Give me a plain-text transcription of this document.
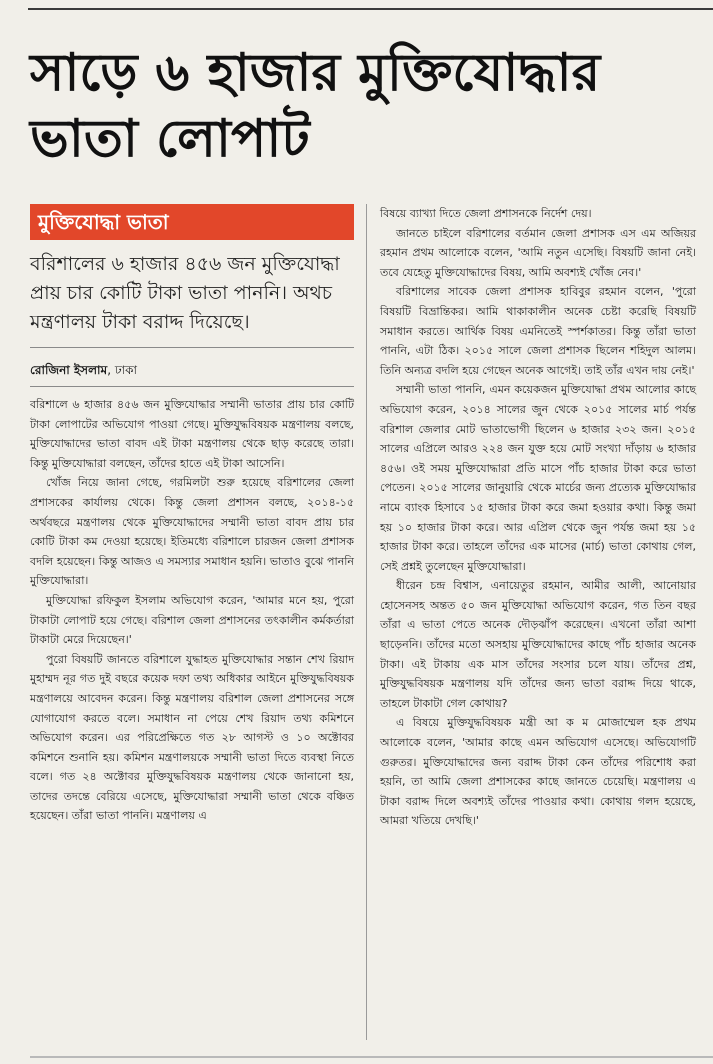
সাড়ে ৬ হাজার মুক্তিযোদ্ধার ভাতা লোপাট
মুক্তিযোদ্ধা ভাতা
বরিশালের ৬ হাজার ৪৫৬ জন মুক্তিযোদ্ধা প্রায় চার কোটি টাকা ভাতা পাননি। অথচ মন্ত্রণালয় টাকা বরাদ্দ দিয়েছে।
রোজিনা ইসলাম, ঢাকা

বরিশালে ৬ হাজার ৪৫৬ জন মুক্তিযোদ্ধার সম্মানী ভাতার প্রায় চার কোটি টাকা লোপাটের অভিযোগ পাওয়া গেছে। মুক্তিযুদ্ধবিষয়ক মন্ত্রণালয় বলছে, মুক্তিযোদ্ধাদের ভাতা বাবদ এই টাকা মন্ত্রণালয় থেকে ছাড় করেছে তারা। কিন্তু মুক্তিযোদ্ধারা বলছেন, তাঁদের হাতে এই টাকা আসেনি।

খোঁজ নিয়ে জানা গেছে, গরমিলটা শুরু হয়েছে বরিশালের জেলা প্রশাসকের কার্যালয় থেকে। কিন্তু জেলা প্রশাসন বলছে, ২০১৪-১৫ অর্থবছরে মন্ত্রণালয় থেকে মুক্তিযোদ্ধাদের সম্মানী ভাতা বাবদ প্রায় চার কোটি টাকা কম দেওয়া হয়েছে। ইতিমধ্যে বরিশালে চারজন জেলা প্রশাসক বদলি হয়েছেন। কিন্তু আজও এ সমস্যার সমাধান হয়নি। ভাতাও বুঝে পাননি মুক্তিযোদ্ধারা।

মুক্তিযোদ্ধা রফিকুল ইসলাম অভিযোগ করেন, 'আমার মনে হয়, পুরো টাকাটা লোপাট হয়ে গেছে। বরিশাল জেলা প্রশাসনের তৎকালীন কর্মকর্তারা টাকাটা মেরে দিয়েছেন।'

পুরো বিষয়টি জানতে বরিশালে যুদ্ধাহত মুক্তিযোদ্ধার সন্তান শেখ রিয়াদ মুহাম্মদ নূর গত দুই বছরে কয়েক দফা তথ্য অধিকার আইনে মুক্তিযুদ্ধবিষয়ক মন্ত্রণালয়ে আবেদন করেন। কিন্তু মন্ত্রণালয় বরিশাল জেলা প্রশাসনের সঙ্গে যোগাযোগ করতে বলে। সমাধান না পেয়ে শেখ রিয়াদ তথ্য কমিশনে অভিযোগ করেন। এর পরিপ্রেক্ষিতে গত ২৮ আগস্ট ও ১০ অক্টোবর কমিশনে শুনানি হয়। কমিশন মন্ত্রণালয়কে সম্মানী ভাতা দিতে ব্যবস্থা নিতে বলে। গত ২৪ অক্টোবর মুক্তিযুদ্ধবিষয়ক মন্ত্রণালয় থেকে জানানো হয়, তাদের তদন্তে বেরিয়ে এসেছে, মুক্তিযোদ্ধারা সম্মানী ভাতা থেকে বঞ্চিত হয়েছেন। তাঁরা ভাতা পাননি। মন্ত্রণালয় এ

বিষয়ে ব্যাখ্যা দিতে জেলা প্রশাসনকে নির্দেশ দেয়।

জানতে চাইলে বরিশালের বর্তমান জেলা প্রশাসক এস এম অজিয়র রহমান প্রথম আলোকে বলেন, 'আমি নতুন এসেছি। বিষয়টি জানা নেই। তবে যেহেতু মুক্তিযোদ্ধাদের বিষয়, আমি অবশ্যই খোঁজ নেব।'

বরিশালের সাবেক জেলা প্রশাসক হাবিবুর রহমান বলেন, 'পুরো বিষয়টি বিভ্রান্তিকর। আমি থাকাকালীন অনেক চেষ্টা করেছি বিষয়টি সমাধান করতে। আর্থিক বিষয় এমনিতেই স্পর্শকাতর। কিন্তু তাঁরা ভাতা পাননি, এটা ঠিক। ২০১৫ সালে জেলা প্রশাসক ছিলেন শহিদুল আলম। তিনি অন্যত্র বদলি হয়ে গেছেন অনেক আগেই। তাই তাঁর এখন দায় নেই।'

সম্মানী ভাতা পাননি, এমন কয়েকজন মুক্তিযোদ্ধা প্রথম আলোর কাছে অভিযোগ করেন, ২০১৪ সালের জুন থেকে ২০১৫ সালের মার্চ পর্যন্ত বরিশাল জেলার মোট ভাতাভোগী ছিলেন ৬ হাজার ২৩২ জন। ২০১৫ সালের এপ্রিলে আরও ২২৪ জন যুক্ত হয়ে মোট সংখ্যা দাঁড়ায় ৬ হাজার ৪৫৬। ওই সময় মুক্তিযোদ্ধারা প্রতি মাসে পাঁচ হাজার টাকা করে ভাতা পেতেন। ২০১৫ সালের জানুয়ারি থেকে মার্চের জন্য প্রত্যেক মুক্তিযোদ্ধার নামে ব্যাংক হিসাবে ১৫ হাজার টাকা করে জমা হওয়ার কথা। কিন্তু জমা হয় ১০ হাজার টাকা করে। আর এপ্রিল থেকে জুন পর্যন্ত জমা হয় ১৫ হাজার টাকা করে। তাহলে তাঁদের এক মাসের (মার্চ) ভাতা কোথায় গেল, সেই প্রশ্নই তুলেছেন মুক্তিযোদ্ধারা।

ধীরেন চন্দ্র বিশ্বাস, এনায়েতুর রহমান, আমীর আলী, আনোয়ার হোসেনসহ অন্তত ৫০ জন মুক্তিযোদ্ধা অভিযোগ করেন, গত তিন বছর তাঁরা এ ভাতা পেতে অনেক দৌড়ঝাঁপ করেছেন। এখনো তাঁরা আশা ছাড়েননি। তাঁদের মতো অসহায় মুক্তিযোদ্ধাদের কাছে পাঁচ হাজার অনেক টাকা। এই টাকায় এক মাস তাঁদের সংসার চলে যায়। তাঁদের প্রশ্ন, মুক্তিযুদ্ধবিষয়ক মন্ত্রণালয় যদি তাঁদের জন্য ভাতা বরাদ্দ দিয়ে থাকে, তাহলে টাকাটা গেল কোথায়?

এ বিষয়ে মুক্তিযুদ্ধবিষয়ক মন্ত্রী আ ক ম মোজাম্মেল হক প্রথম আলোকে বলেন, 'আমার কাছে এমন অভিযোগ এসেছে। অভিযোগটি গুরুতর। মুক্তিযোদ্ধাদের জন্য বরাদ্দ টাকা কেন তাঁদের পরিশোধ করা হয়নি, তা আমি জেলা প্রশাসকের কাছে জানতে চেয়েছি। মন্ত্রণালয় এ টাকা বরাদ্দ দিলে অবশ্যই তাঁদের পাওয়ার কথা। কোথায় গলদ হয়েছে, আমরা খতিয়ে দেখছি।'
